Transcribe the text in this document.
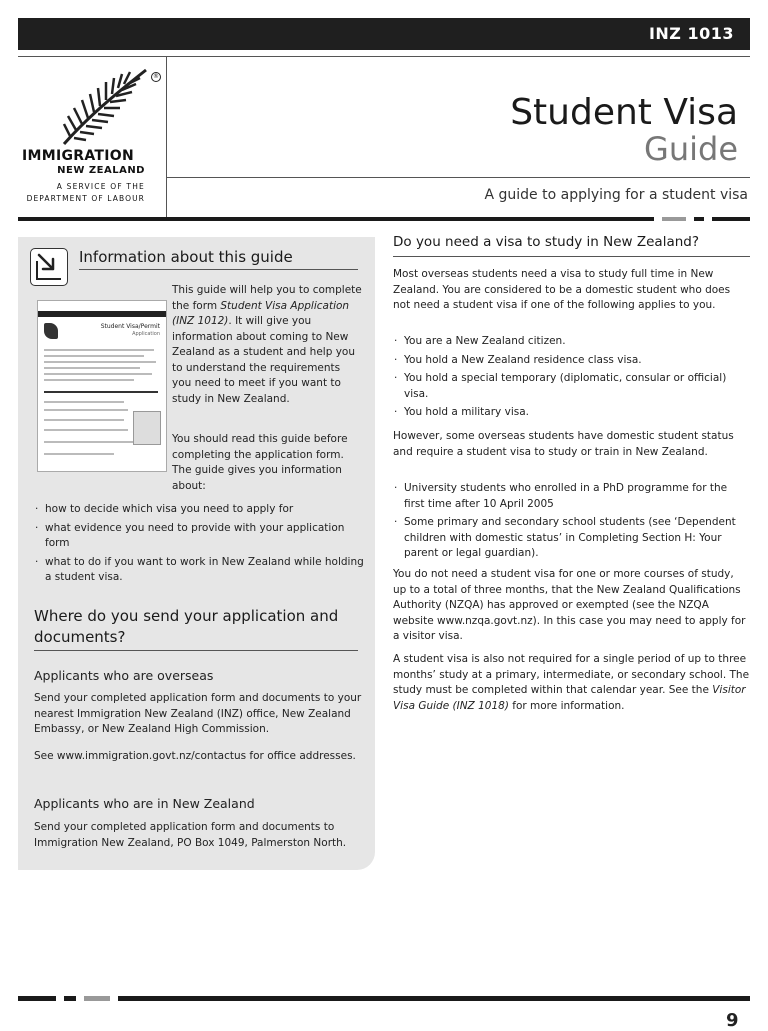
INZ 1013
®
IMMIGRATION
NEW ZEALAND
A SERVICE OF THE
DEPARTMENT OF LABOUR
Student Visa
Guide
A guide to applying for a student visa
Information about this guide
Student Visa/Permit
Application
This guide will help you to complete the form Student Visa Application (INZ 1012). It will give you information about coming to New Zealand as a student and help you to understand the requirements you need to meet if you want to study in New Zealand.
You should read this guide before completing the application form. The guide gives you information about:
· how to decide which visa you need to apply for
· what evidence you need to provide with your application form
· what to do if you want to work in New Zealand while holding a student visa.
Where do you send your application and documents?
Applicants who are overseas
Send your completed application form and documents to your nearest Immigration New Zealand (INZ) office, New Zealand Embassy, or New Zealand High Commission.
See www.immigration.govt.nz/contactus for office addresses.
Applicants who are in New Zealand
Send your completed application form and documents to Immigration New Zealand, PO Box 1049, Palmerston North.
Do you need a visa to study in New Zealand?
Most overseas students need a visa to study full time in New Zealand. You are considered to be a domestic student who does not need a student visa if one of the following applies to you.
· You are a New Zealand citizen.
· You hold a New Zealand residence class visa.
· You hold a special temporary (diplomatic, consular or official) visa.
· You hold a military visa.
However, some overseas students have domestic student status and require a student visa to study or train in New Zealand.
· University students who enrolled in a PhD programme for the first time after 10 April 2005
· Some primary and secondary school students (see ‘Dependent children with domestic status’ in Completing Section H: Your parent or legal guardian).
You do not need a student visa for one or more courses of study, up to a total of three months, that the New Zealand Qualifications Authority (NZQA) has approved or exempted (see the NZQA website www.nzqa.govt.nz). In this case you may need to apply for a visitor visa.
A student visa is also not required for a single period of up to three months’ study at a primary, intermediate, or secondary school. The study must be completed within that calendar year. See the Visitor Visa Guide (INZ 1018) for more information.
9
